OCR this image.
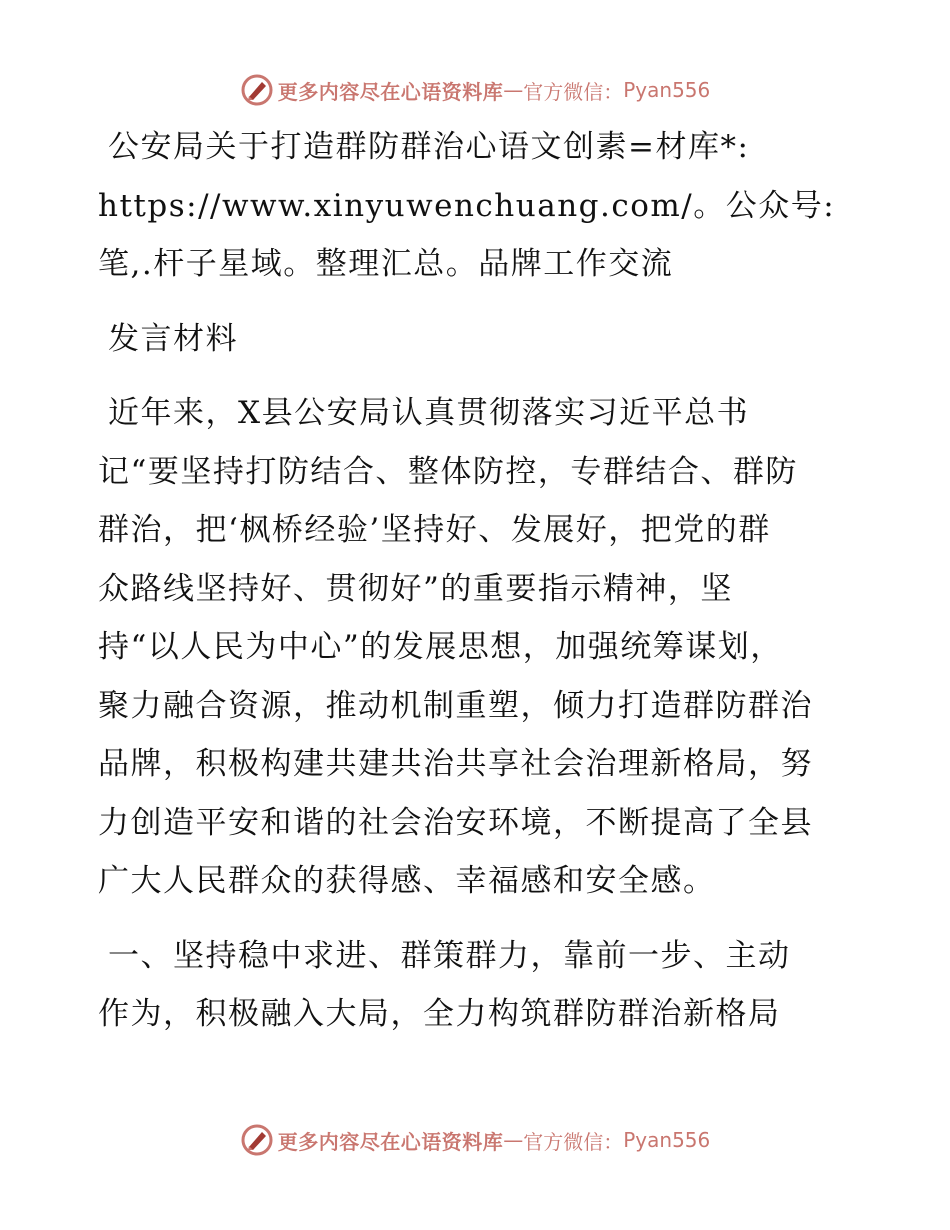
更多内容尽在心语资料库 — 官方微信： Pyan556

公安局关于打造群防群治心语文创素=材库*:

https://www.xinyuwenchuang.com/。公众号:

笔,.杆子星域。整理汇总。品牌工作交流

发言材料

近年来，X县公安局认真贯彻落实习近平总书

记“要坚持打防结合、整体防控，专群结合、群防

群治，把‘枫桥经验’坚持好、发展好，把党的群

众路线坚持好、贯彻好”的重要指示精神，坚

持“以人民为中心”的发展思想，加强统筹谋划，

聚力融合资源，推动机制重塑，倾力打造群防群治

品牌，积极构建共建共治共享社会治理新格局，努

力创造平安和谐的社会治安环境，不断提高了全县

广大人民群众的获得感、幸福感和安全感。

一、坚持稳中求进、群策群力，靠前一步、主动

作为，积极融入大局，全力构筑群防群治新格局

更多内容尽在心语资料库 — 官方微信： Pyan556
